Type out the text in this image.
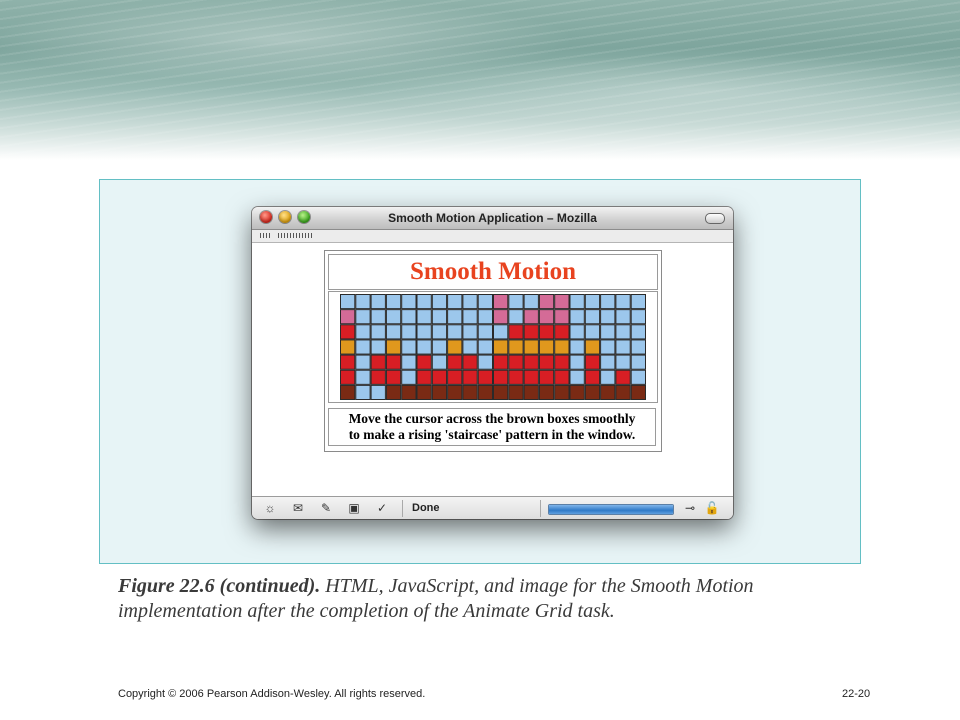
Smooth Motion Application – Mozilla
Smooth Motion
Move the cursor across the brown boxes smoothly
to make a rising 'staircase' pattern in the window.
☼ ✉ ✎ ▣ ✓ Done	⊸ 🔓
Figure 22.6 (continued). HTML, JavaScript, and image for the Smooth Motion
implementation after the completion of the Animate Grid task.
Copyright © 2006 Pearson Addison-Wesley. All rights reserved.	22-20
